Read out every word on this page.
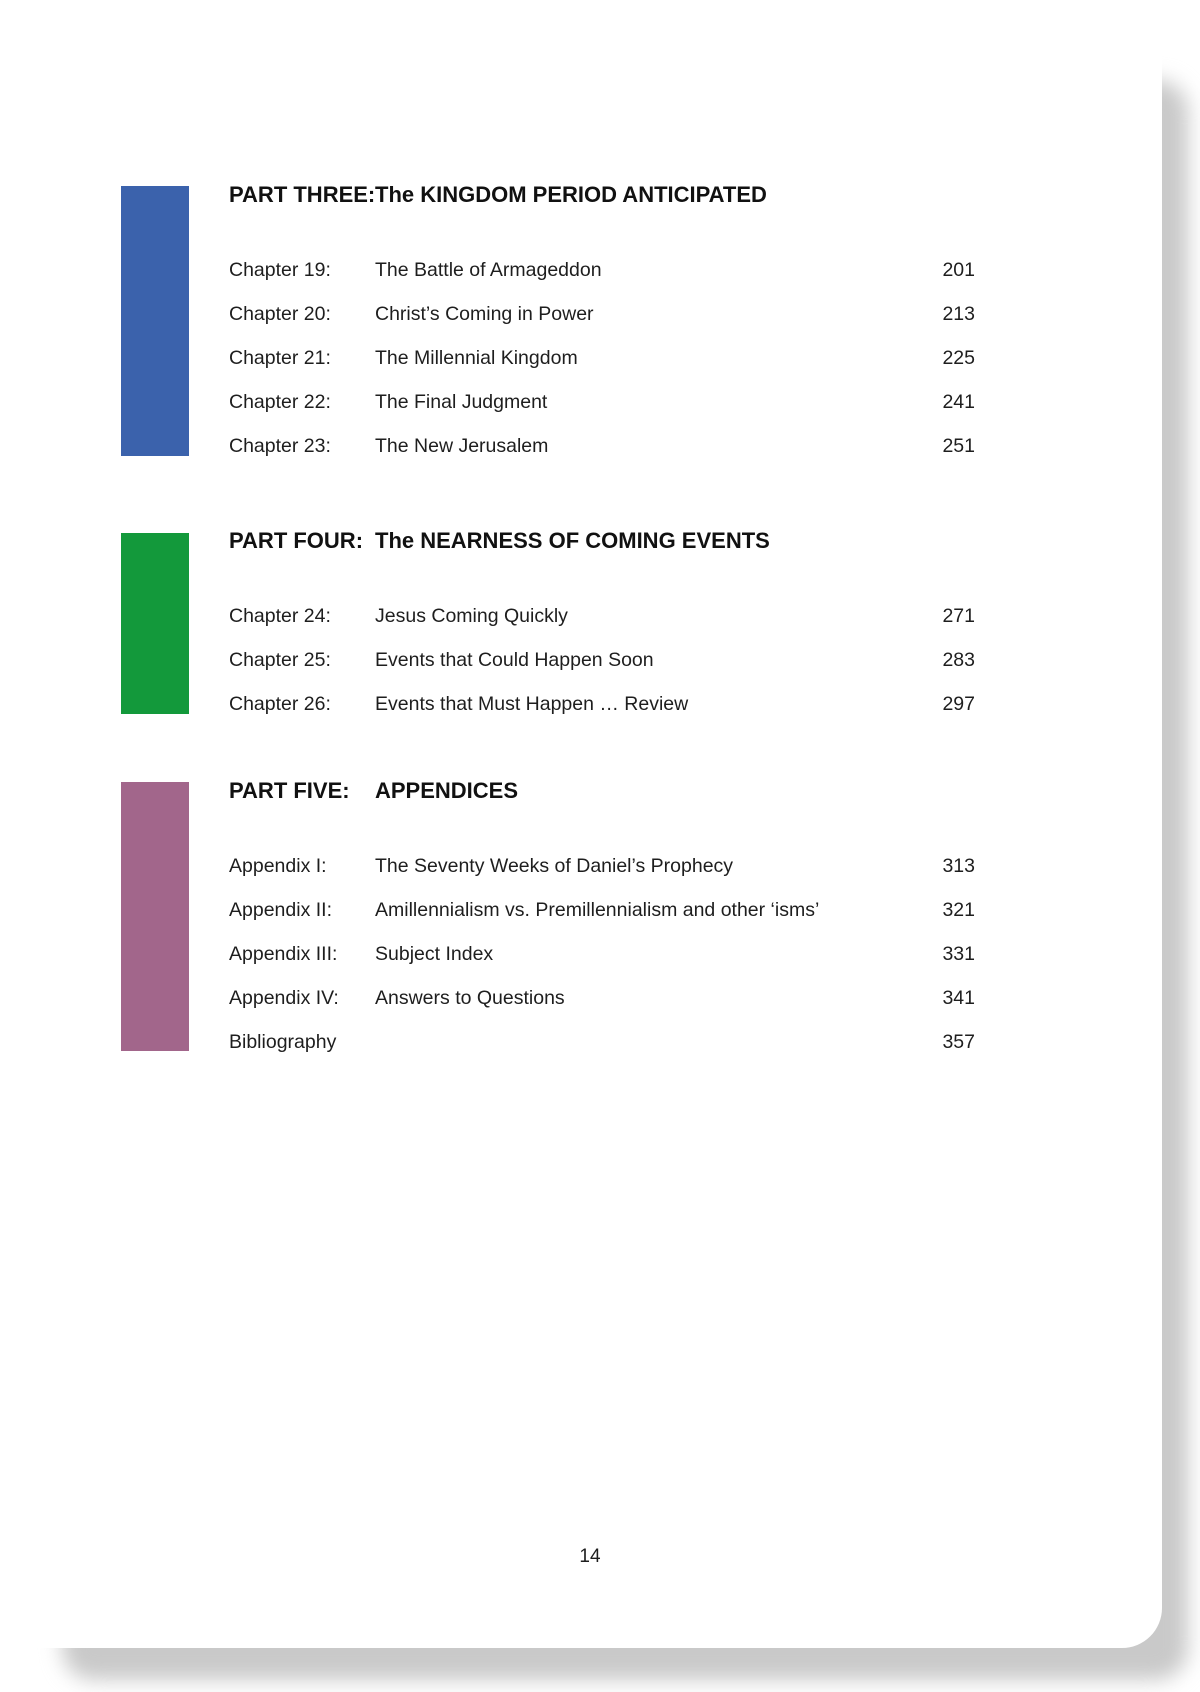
PART THREE: The KINGDOM PERIOD ANTICIPATED
Chapter 19: The Battle of Armageddon	201
Chapter 20: Christ’s Coming in Power	213
Chapter 21: The Millennial Kingdom	225
Chapter 22: The Final Judgment	241
Chapter 23: The New Jerusalem	251
PART FOUR: The NEARNESS OF COMING EVENTS
Chapter 24: Jesus Coming Quickly	271
Chapter 25: Events that Could Happen Soon	283
Chapter 26: Events that Must Happen … Review	297
PART FIVE: APPENDICES
Appendix I: The Seventy Weeks of Daniel’s Prophecy	313
Appendix II: Amillennialism vs. Premillennialism and other ‘isms’	321
Appendix III: Subject Index	331
Appendix IV: Answers to Questions	341
Bibliography	357
14
